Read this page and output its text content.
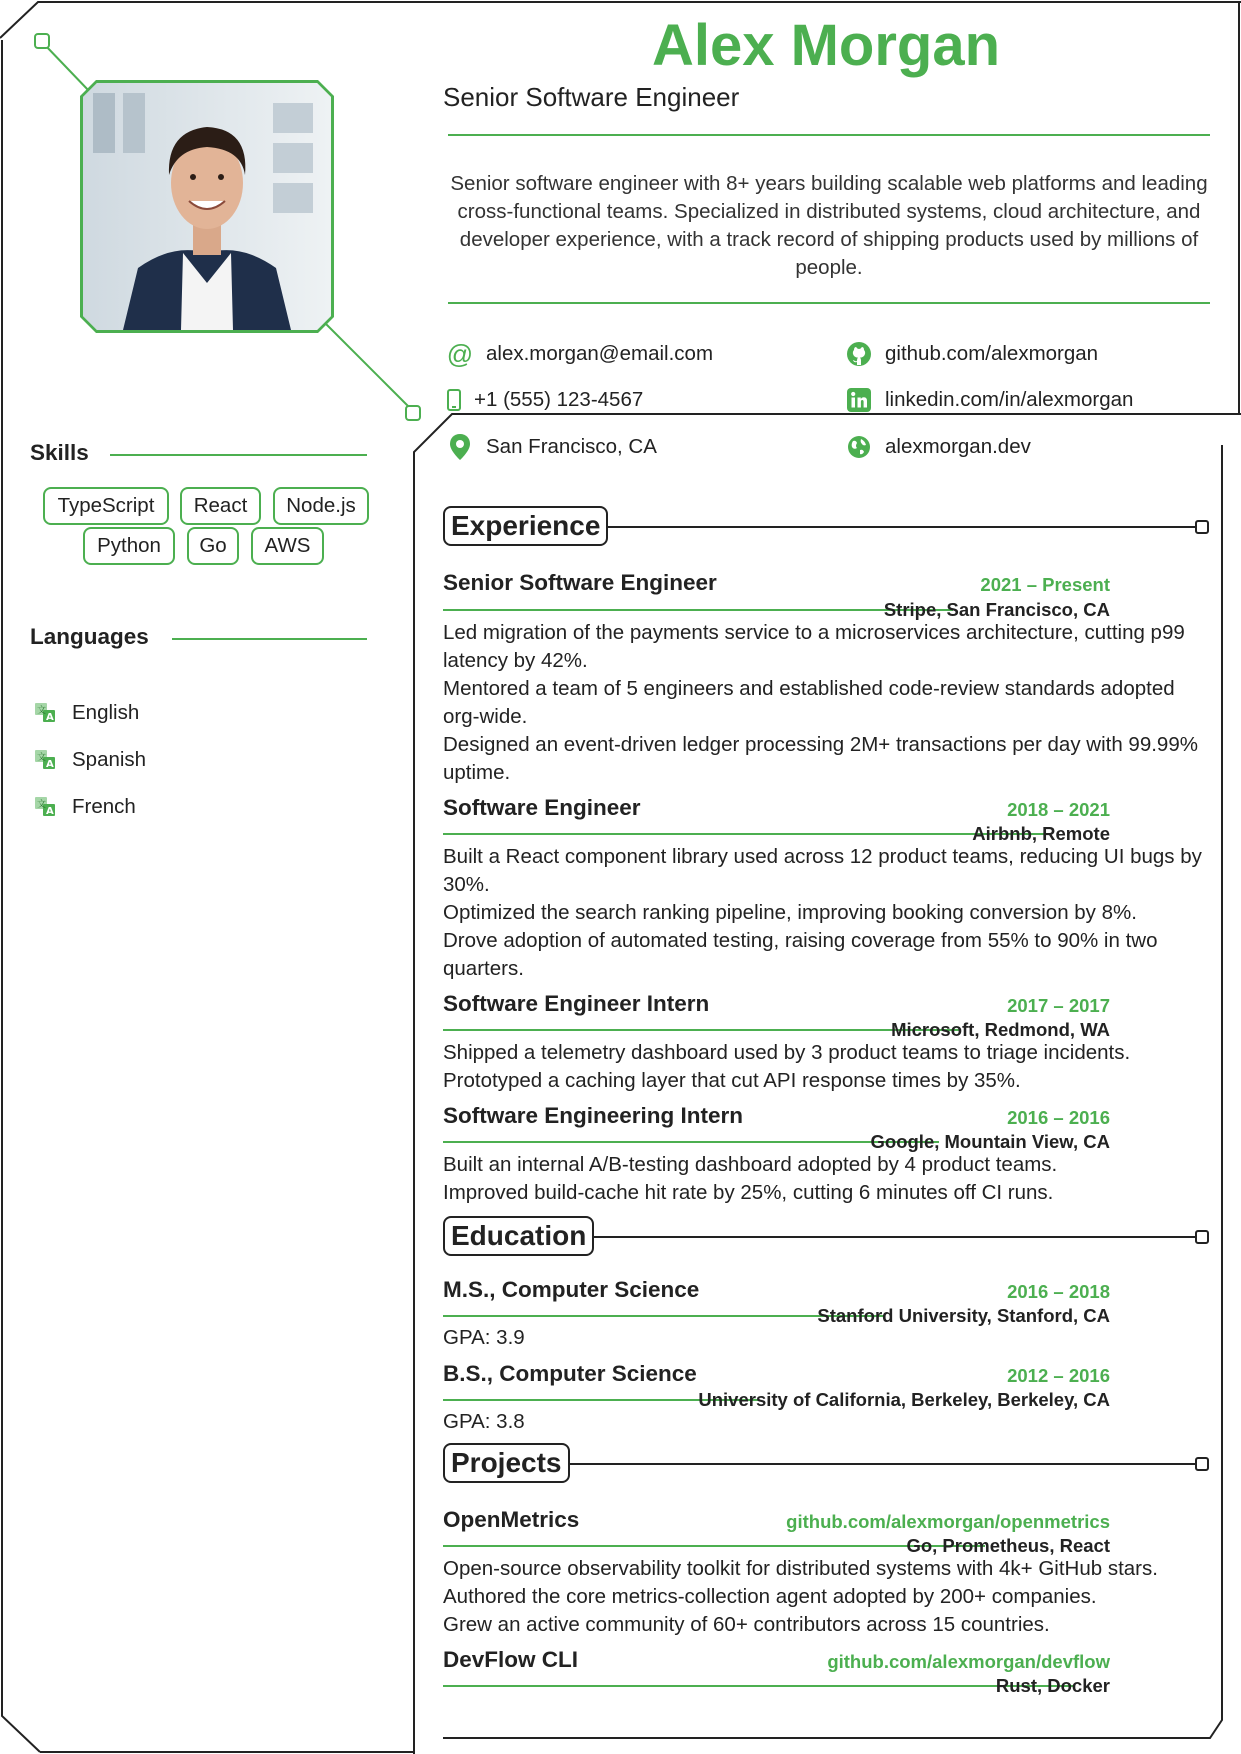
Alex Morgan
Senior Software Engineer
Senior software engineer with 8+ years building scalable web platforms and leading cross-functional teams. Specialized in distributed systems, cloud architecture, and developer experience, with a track record of shipping products used by millions of people.
@ alex.morgan@email.com
+1 (555) 123-4567
San Francisco, CA
github.com/alexmorgan
linkedin.com/in/alexmorgan
alexmorgan.dev
Skills
TypeScript	React	Node.js
Python	Go	AWS
Languages
文
A English
文
A Spanish
文
A French
Experience
Senior Software Engineer	2021 – Present
Stripe, San Francisco, CA
Led migration of the payments service to a microservices architecture, cutting p99 latency by 42%.
Mentored a team of 5 engineers and established code-review standards adopted org-wide.
Designed an event-driven ledger processing 2M+ transactions per day with 99.99% uptime.
Software Engineer	2018 – 2021
Airbnb, Remote
Built a React component library used across 12 product teams, reducing UI bugs by 30%.
Optimized the search ranking pipeline, improving booking conversion by 8%.
Drove adoption of automated testing, raising coverage from 55% to 90% in two quarters.
Software Engineer Intern	2017 – 2017
Microsoft, Redmond, WA
Shipped a telemetry dashboard used by 3 product teams to triage incidents.
Prototyped a caching layer that cut API response times by 35%.
Software Engineering Intern	2016 – 2016
Google, Mountain View, CA
Built an internal A/B-testing dashboard adopted by 4 product teams.
Improved build-cache hit rate by 25%, cutting 6 minutes off CI runs.
Education
M.S., Computer Science	2016 – 2018
Stanford University, Stanford, CA
GPA: 3.9
B.S., Computer Science	2012 – 2016
University of California, Berkeley, Berkeley, CA
GPA: 3.8
Projects
OpenMetrics	github.com/alexmorgan/openmetrics
Go, Prometheus, React
Open-source observability toolkit for distributed systems with 4k+ GitHub stars.
Authored the core metrics-collection agent adopted by 200+ companies.
Grew an active community of 60+ contributors across 15 countries.
DevFlow CLI	github.com/alexmorgan/devflow
Rust, Docker
